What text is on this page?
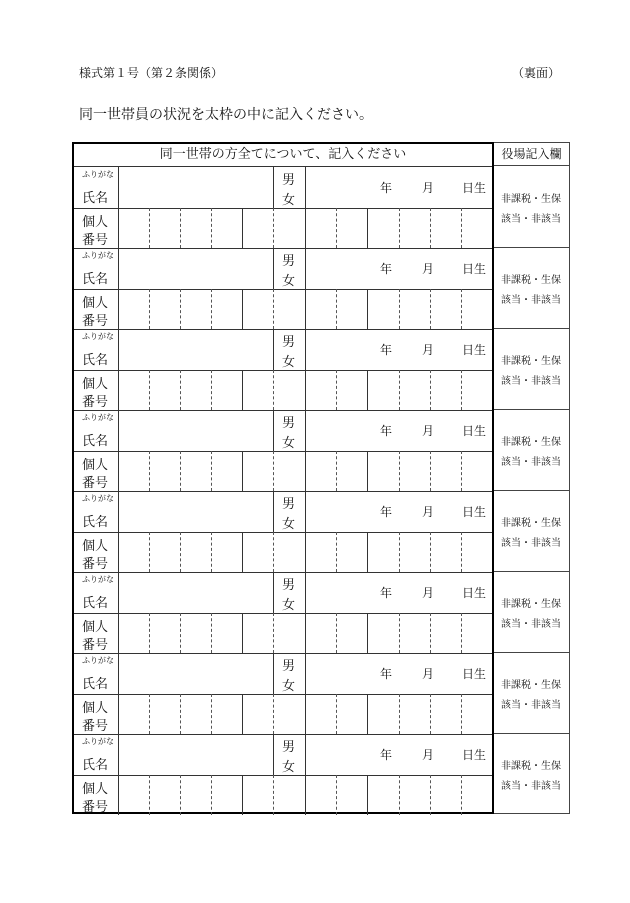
様式第１号（第２条関係）	（裏面）
同一世帯員の状況を太枠の中に記入ください。
同一世帯の方全てについて、記入ください
ふりがな
氏名
男
女
年 月 日生
個人
番号
ふりがな
氏名
男
女
年 月 日生
個人
番号
ふりがな
氏名
男
女
年 月 日生
個人
番号
ふりがな
氏名
男
女
年 月 日生
個人
番号
ふりがな
氏名
男
女
年 月 日生
個人
番号
ふりがな
氏名
男
女
年 月 日生
個人
番号
ふりがな
氏名
男
女
年 月 日生
個人
番号
ふりがな
氏名
男
女
年 月 日生
個人
番号
役場記入欄
非課税・生保
該当・非該当
非課税・生保
該当・非該当
非課税・生保
該当・非該当
非課税・生保
該当・非該当
非課税・生保
該当・非該当
非課税・生保
該当・非該当
非課税・生保
該当・非該当
非課税・生保
該当・非該当
